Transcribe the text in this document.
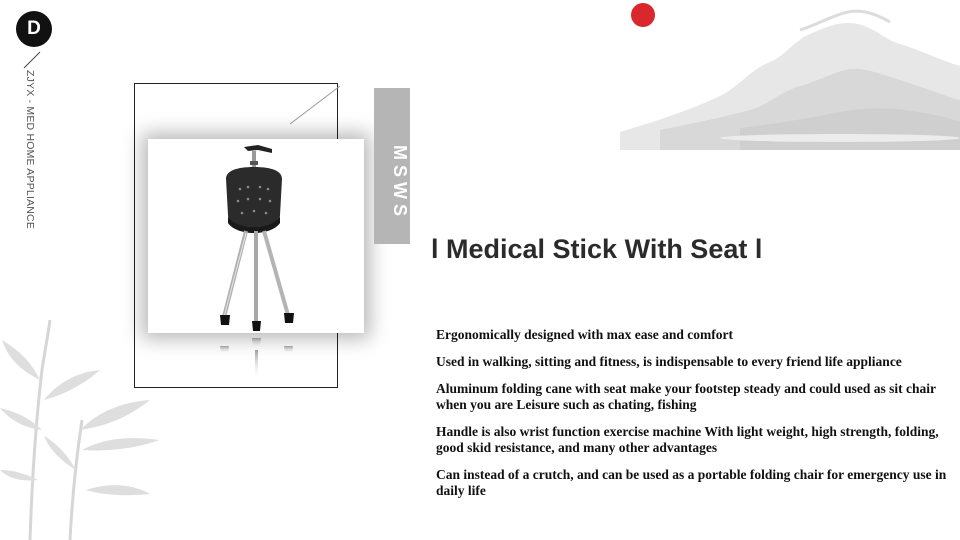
D
ZJYX - MED HOME APPLIANCE	MSWS
l Medical Stick With Seat l
Ergonomically designed with max ease and comfort
Used in walking, sitting and fitness, is indispensable to every friend life appliance
Aluminum folding cane with seat make your footstep steady and could used as sit chair when you are Leisure such as chating, fishing
Handle is also wrist function exercise machine With light weight, high strength, folding, good skid resistance, and many other advantages
Can instead of a crutch, and can be used as a portable folding chair for emergency use in daily life
